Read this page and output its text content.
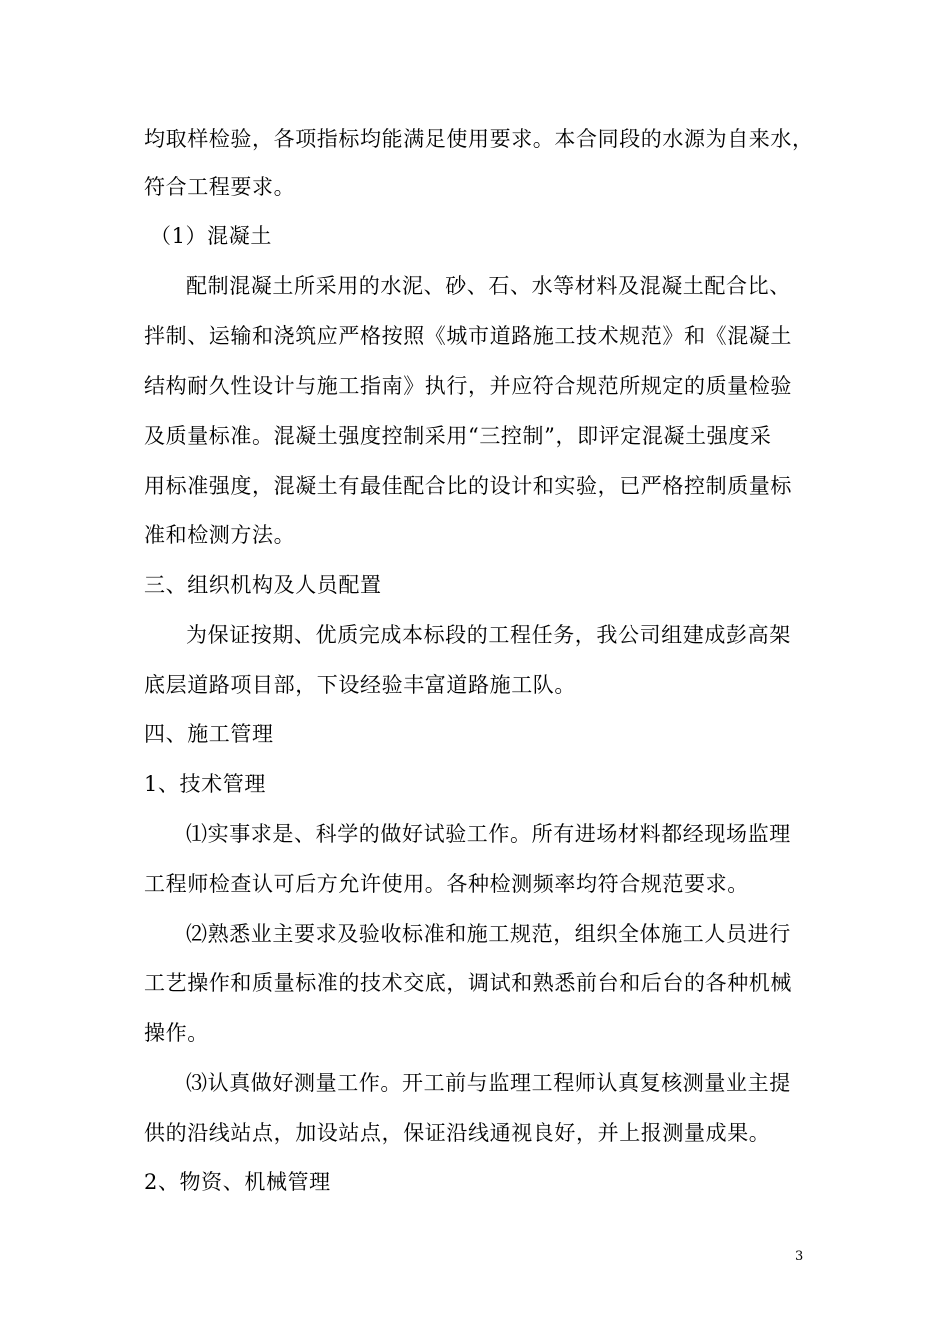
均取样检验，各项指标均能满足使用要求。本合同段的水源为自来水，
符合工程要求。
（1）混凝土
配制混凝土所采用的水泥、砂、石、水等材料及混凝土配合比、
拌制、运输和浇筑应严格按照《城市道路施工技术规范》和《混凝土
结构耐久性设计与施工指南》执行，并应符合规范所规定的质量检验
及质量标准。混凝土强度控制采用“三控制”，即评定混凝土强度采
用标准强度，混凝土有最佳配合比的设计和实验，已严格控制质量标
准和检测方法。
三、组织机构及人员配置
为保证按期、优质完成本标段的工程任务，我公司组建成彭高架
底层道路项目部，下设经验丰富道路施工队。
四、施工管理
1、技术管理
⑴实事求是、科学的做好试验工作。所有进场材料都经现场监理
工程师检查认可后方允许使用。各种检测频率均符合规范要求。
⑵熟悉业主要求及验收标准和施工规范，组织全体施工人员进行
工艺操作和质量标准的技术交底，调试和熟悉前台和后台的各种机械
操作。
⑶认真做好测量工作。开工前与监理工程师认真复核测量业主提
供的沿线站点，加设站点，保证沿线通视良好，并上报测量成果。
2、物资、机械管理
3
